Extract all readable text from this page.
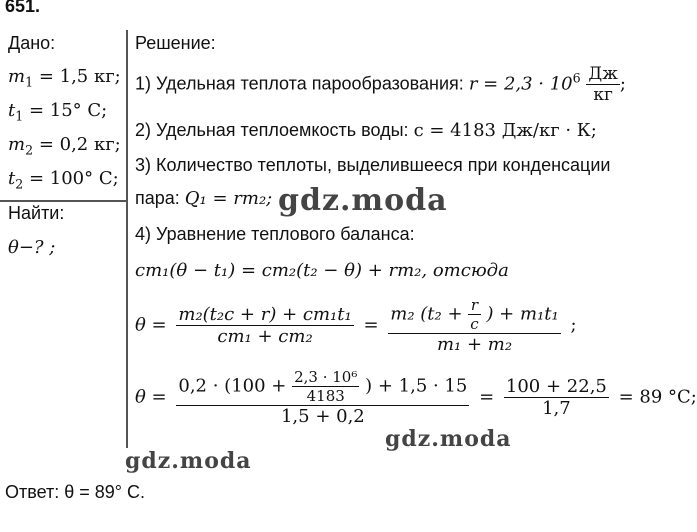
651.
Дано:
$m_1 = 1,5$ кг;
$t_1 = 15^\circ$ C;
$m_2 = 0,2$ кг;
$t_2 = 100^\circ$ C;
Найти:
θ−? ;
Решение:
1) Удельная теплота парообразования: $r = 2,3 \cdot 10^6 \frac{Дж}{кг}$ ;
2) Удельная теплоемкость воды: c = 4183 Дж/кг · К;
3) Количество теплоты, выделившееся при конденсации
пара: Q₁ = rm₂;
4) Уравнение теплового баланса:
cm₁(θ − t₁) = cm₂(t₂ − θ) + rm₂, отсюда
$\theta = \frac{\text{m₂(t₂c + r) + cm₁t₁}}{\text{cm₁ + cm₂}} = \frac{m_2 (t_2 + \frac{r}{c} ) + m_1t_1}{\text{m₁ + m₂}}$ ;
θ =
$0,2 \cdot (100 + \frac{\text{2,3 · 10⁶}}{4183}$ ) + 1,5 · 15
1,5 + 0,2
= $\frac{100 + 22,5}{1,7} = 89$ °C;
Ответ: θ = 89° C.
gdz.moda
gdz.moda
gdz.moda
